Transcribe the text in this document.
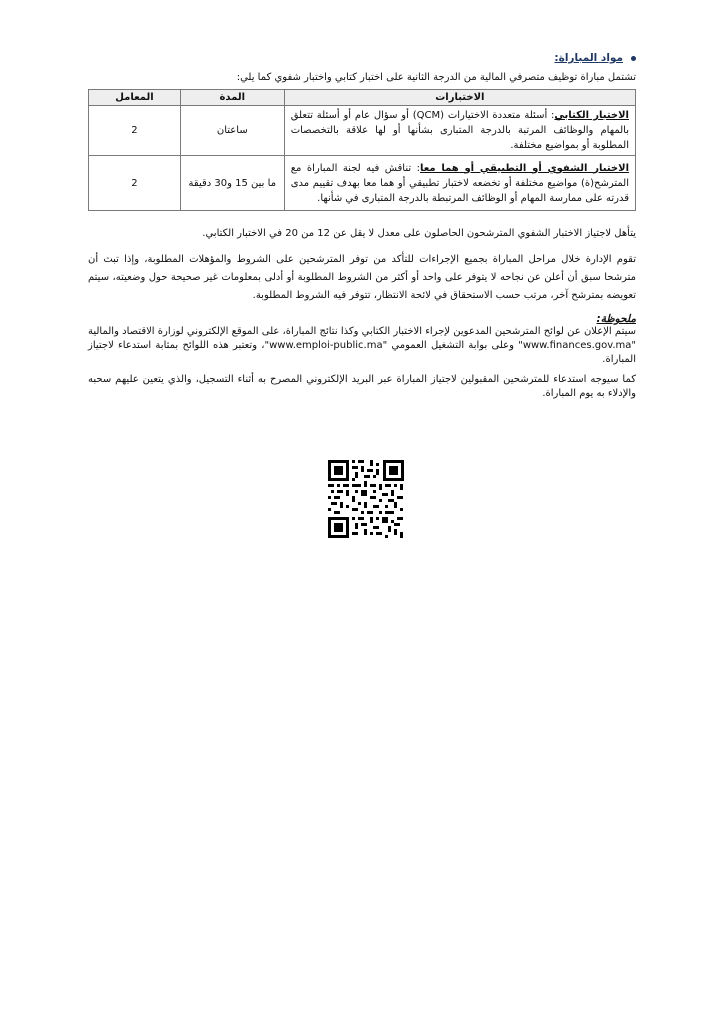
مواد المباراة:

تشتمل مباراة توظيف متصرفي المالية من الدرجة الثانية على اختبار كتابي واختبار شفوي كما يلي:

الاختبارات	المدة	المعامل
الاختبار الكتابي: أسئلة متعددة الاختيارات (QCM) أو سؤال عام أو أسئلة تتعلق بالمهام والوظائف المرتبة بالدرجة المتبارى بشأنها أو لها علاقة بالتخصصات المطلوبة أو بمواضيع مختلفة.	ساعتان	2
الاختبار الشفوي أو التطبيقي أو هما معا: تناقش فيه لجنة المباراة مع المترشح(ة) مواضيع مختلفة أو تخضعه لاختبار تطبيقي أو هما معا بهدف تقييم مدى قدرته على ممارسة المهام أو الوظائف المرتبطة بالدرجة المتبارى في شأنها.	ما بين 15 و30 دقيقة	2

يتأهل لاجتياز الاختبار الشفوي المترشحون الحاصلون على معدل لا يقل عن 12 من 20 في الاختبار الكتابي.

تقوم الإدارة خلال مراحل المباراة بجميع الإجراءات للتأكد من توفر المترشحين على الشروط والمؤهلات المطلوبة، وإذا تبث أن مترشحا سبق أن أعلن عن نجاحه لا يتوفر على واحد أو أكثر من الشروط المطلوبة أو أدلى بمعلومات غير صحيحة حول وضعيته، سيتم تعويضه بمترشح آخر، مرتب حسب الاستحقاق في لائحة الانتظار، تتوفر فيه الشروط المطلوبة.

ملحوظة:

سيتم الإعلان عن لوائح المترشحين المدعوين لإجراء الاختبار الكتابي وكذا نتائج المباراة، على الموقع الإلكتروني لوزارة الاقتصاد والمالية "www.finances.gov.ma" وعلى بوابة التشغيل العمومي "www.emploi-public.ma"، وتعتبر هذه اللوائح بمثابة استدعاء لاجتياز المباراة.

كما سيوجه استدعاء للمترشحين المقبولين لاجتياز المباراة عبر البريد الإلكتروني المصرح به أثناء التسجيل، والذي يتعين عليهم سحبه والإدلاء به يوم المباراة.
